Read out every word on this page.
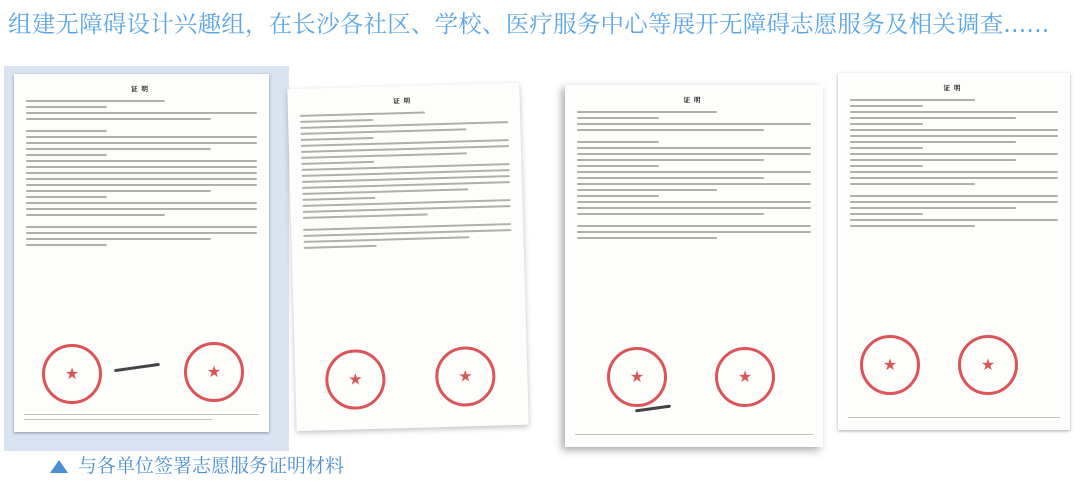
组建无障碍设计兴趣组，在长沙各社区、学校、医疗服务中心等展开无障碍志愿服务及相关调查......
证明
★	★
证明
★	★
证明
★	★
证明
★	★
与各单位签署志愿服务证明材料
